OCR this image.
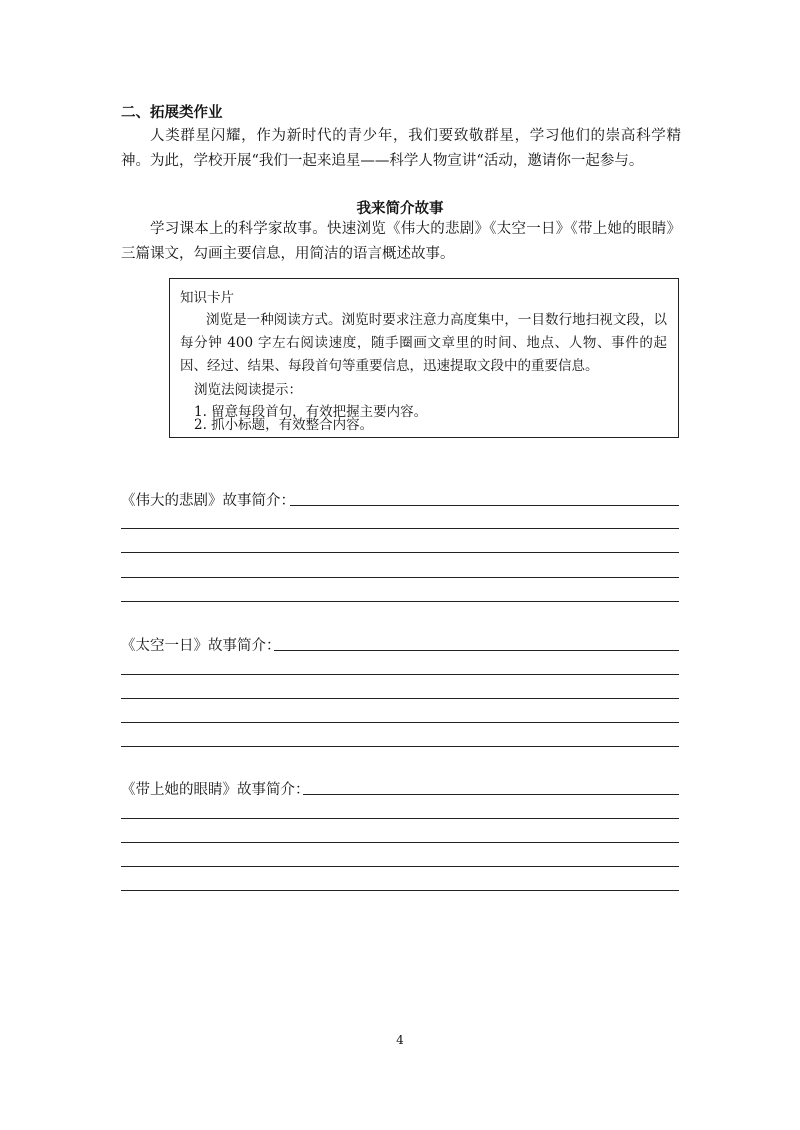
二、拓展类作业
人类群星闪耀，作为新时代的青少年，我们要致敬群星，学习他们的崇高科学精神。为此，学校开展“我们一起来追星——科学人物宣讲“活动，邀请你一起参与。
我来简介故事
学习课本上的科学家故事。快速浏览《伟大的悲剧》《太空一日》《带上她的眼睛》三篇课文，勾画主要信息，用简洁的语言概述故事。
知识卡片
浏览是一种阅读方式。浏览时要求注意力高度集中，一目数行地扫视文段，以每分钟 400 字左右阅读速度，随手圈画文章里的时间、地点、人物、事件的起因、经过、结果、每段首句等重要信息，迅速提取文段中的重要信息。
浏览法阅读提示：
1. 留意每段首句，有效把握主要内容。
2. 抓小标题，有效整合内容。
《伟大的悲剧》故事简介：
《太空一日》故事简介：
《带上她的眼睛》故事简介：
4
